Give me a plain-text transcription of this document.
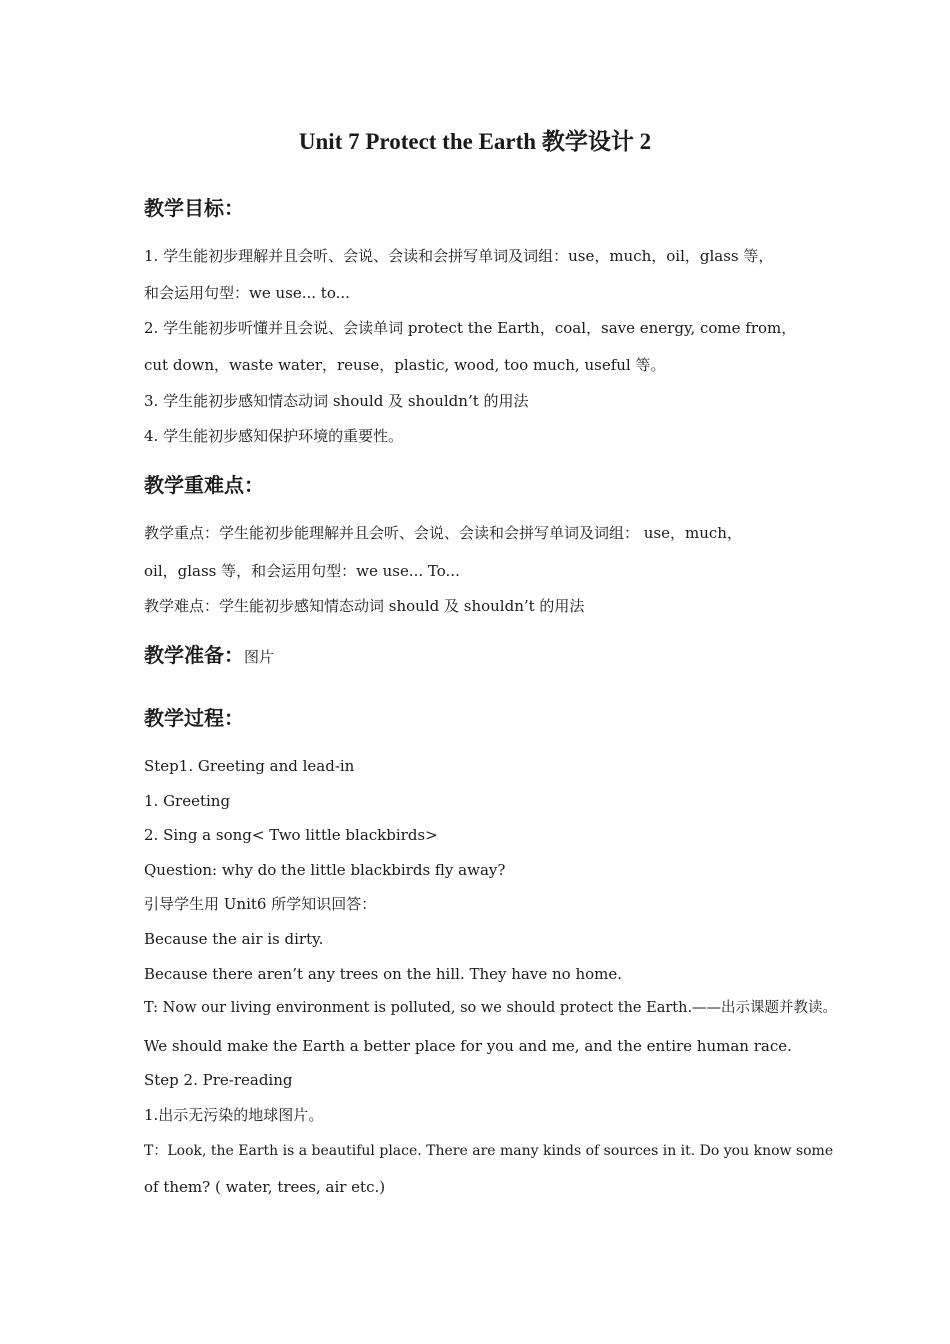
Unit 7 Protect the Earth 教学设计 2
教学目标：
1. 学生能初步理解并且会听、会说、会读和会拼写单词及词组：use，much，oil，glass 等，
和会运用句型：we use... to...
2. 学生能初步听懂并且会说、会读单词 protect the Earth，coal，save energy, come from，
cut down，waste water，reuse，plastic, wood, too much, useful 等。
3. 学生能初步感知情态动词 should 及 shouldn’t 的用法
4. 学生能初步感知保护环境的重要性。
教学重难点：
教学重点：学生能初步能理解并且会听、会说、会读和会拼写单词及词组： use，much，
oil，glass 等，和会运用句型：we use... To...
教学难点：学生能初步感知情态动词 should 及 shouldn’t 的用法
教学准备：图片
教学过程：
Step1. Greeting and lead-in
1. Greeting
2. Sing a song< Two little blackbirds>
Question: why do the little blackbirds fly away?
引导学生用 Unit6 所学知识回答：
Because the air is dirty.
Because there aren’t any trees on the hill. They have no home.
T: Now our living environment is polluted, so we should protect the Earth.——出示课题并教读。
We should make the Earth a better place for you and me, and the entire human race.
Step 2. Pre-reading
1.出示无污染的地球图片。
T：Look, the Earth is a beautiful place. There are many kinds of sources in it. Do you know some
of them? ( water, trees, air etc.)
